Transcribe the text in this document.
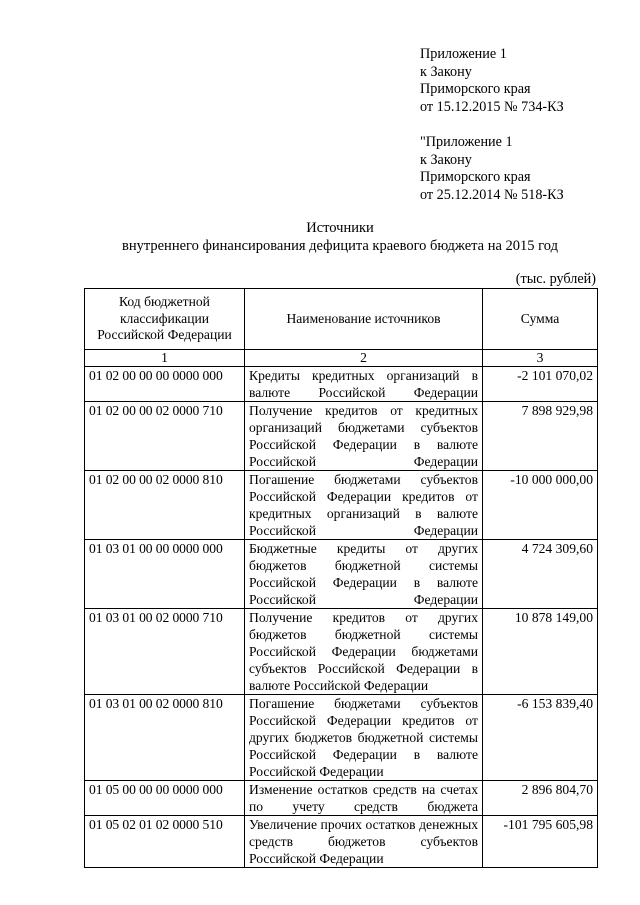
Приложение 1
к Закону
Приморского края
от 15.12.2015 № 734-КЗ
"Приложение 1
к Закону
Приморского края
от 25.12.2014 № 518-КЗ
Источники
внутреннего финансирования дефицита краевого бюджета на 2015 год
(тыс. рублей)
Код бюджетной классификации Российской Федерации	Наименование источников	Сумма
1	2	3
01 02 00 00 00 0000 000	Кредиты кредитных организаций в валюте Российской Федерации	-2 101 070,02
01 02 00 00 02 0000 710	Получение кредитов от кредитных организаций бюджетами субъектов Российской Федерации в валюте Российской Федерации	7 898 929,98
01 02 00 00 02 0000 810	Погашение бюджетами субъектов Российской Федерации кредитов от кредитных организаций в валюте Российской Федерации	-10 000 000,00
01 03 01 00 00 0000 000	Бюджетные кредиты от других бюджетов бюджетной системы Российской Федерации в валюте Российской Федерации	4 724 309,60
01 03 01 00 02 0000 710	Получение кредитов от других бюджетов бюджетной системы Российской Федерации бюджетами субъектов Российской Федерации в валюте Российской Федерации	10 878 149,00
01 03 01 00 02 0000 810	Погашение бюджетами субъектов Российской Федерации кредитов от других бюджетов бюджетной системы Российской Федерации в валюте Российской Федерации	-6 153 839,40
01 05 00 00 00 0000 000	Изменение остатков средств на счетах по учету средств бюджета	2 896 804,70
01 05 02 01 02 0000 510	Увеличение прочих остатков денежных средств бюджетов субъектов Российской Федерации	-101 795 605,98
